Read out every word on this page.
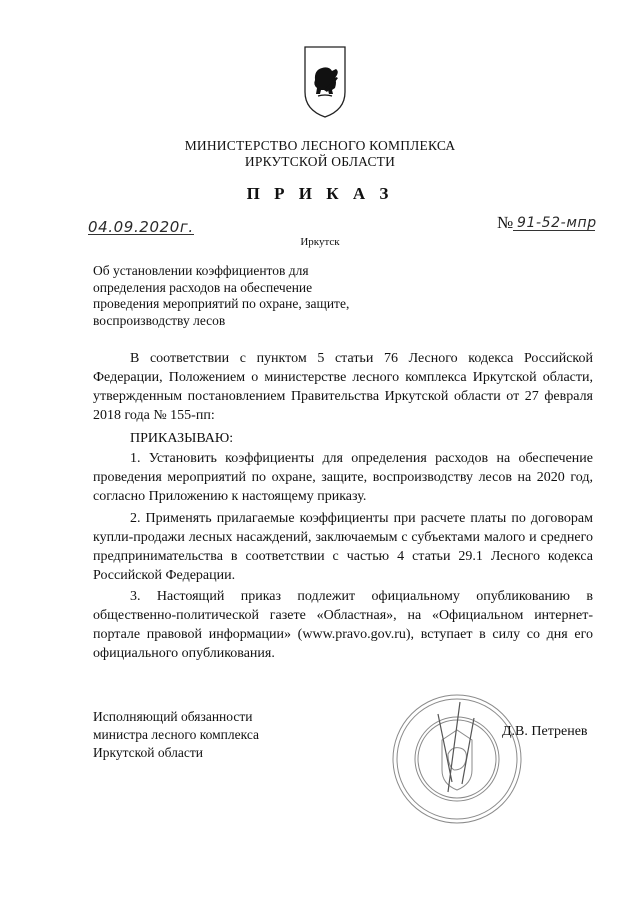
МИНИСТЕРСТВО ЛЕСНОГО КОМПЛЕКСА
ИРКУТСКОЙ ОБЛАСТИ
П Р И К А З
04.09.2020г.	№ 91-52-мпр
Иркутск
Об установлении коэффициентов для определения расходов на обеспечение проведения мероприятий по охране, защите, воспроизводству лесов

В соответствии с пунктом 5 статьи 76 Лесного кодекса Российской Федерации, Положением о министерстве лесного комплекса Иркутской области, утвержденным постановлением Правительства Иркутской области от 27 февраля 2018 года № 155-пп:

ПРИКАЗЫВАЮ:

1. Установить коэффициенты для определения расходов на обеспечение проведения мероприятий по охране, защите, воспроизводству лесов на 2020 год, согласно Приложению к настоящему приказу.

2. Применять прилагаемые коэффициенты при расчете платы по договорам купли-продажи лесных насаждений, заключаемым с субъектами малого и среднего предпринимательства в соответствии с частью 4 статьи 29.1 Лесного кодекса Российской Федерации.

3. Настоящий приказ подлежит официальному опубликованию в общественно-политической газете «Областная», на «Официальном интернет-портале правовой информации» (www.pravo.gov.ru), вступает в силу со дня его официального опубликования.

Исполняющий обязанности
министра лесного комплекса
Иркутской области
Д.В. Петренев
